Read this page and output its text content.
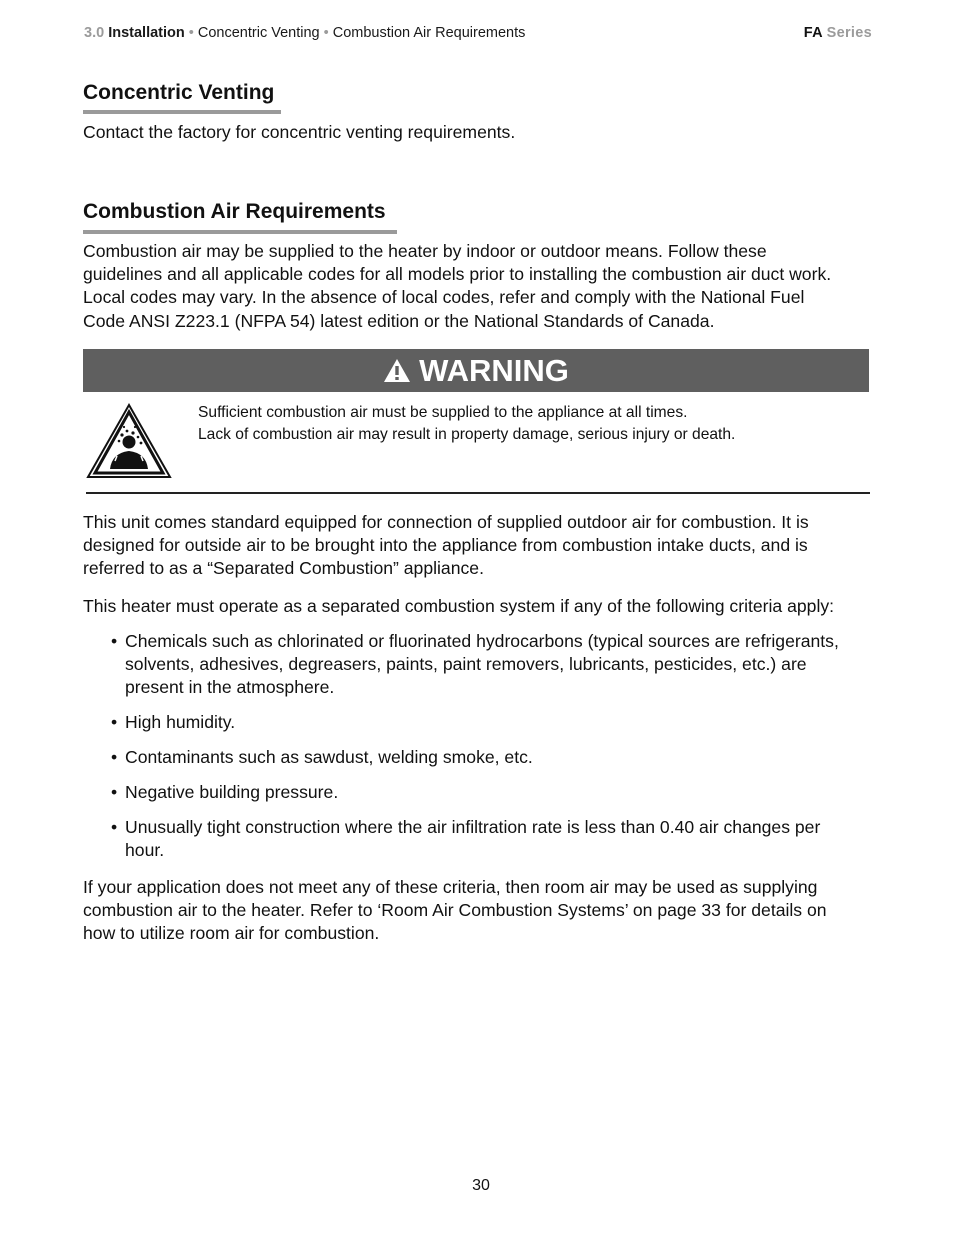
3.0 Installation • Concentric Venting • Combustion Air Requirements	FA Series
Concentric Venting

Contact the factory for concentric venting requirements.

Combustion Air Requirements

Combustion air may be supplied to the heater by indoor or outdoor means. Follow these
guidelines and all applicable codes for all models prior to installing the combustion air duct work.
Local codes may vary. In the absence of local codes, refer and comply with the National Fuel
Code ANSI Z223.1 (NFPA 54) latest edition or the National Standards of Canada.

WARNING
Sufficient combustion air must be supplied to the appliance at all times.
Lack of combustion air may result in property damage, serious injury or death.

This unit comes standard equipped for connection of supplied outdoor air for combustion. It is
designed for outside air to be brought into the appliance from combustion intake ducts, and is
referred to as a “Separated Combustion” appliance.

This heater must operate as a separated combustion system if any of the following criteria apply:

• Chemicals such as chlorinated or fluorinated hydrocarbons (typical sources are refrigerants,
solvents, adhesives, degreasers, paints, paint removers, lubricants, pesticides, etc.) are
present in the atmosphere.
• High humidity.
• Contaminants such as sawdust, welding smoke, etc.
• Negative building pressure.
• Unusually tight construction where the air infiltration rate is less than 0.40 air changes per
hour.

If your application does not meet any of these criteria, then room air may be used as supplying
combustion air to the heater. Refer to ‘Room Air Combustion Systems’ on page 33 for details on
how to utilize room air for combustion.

30
